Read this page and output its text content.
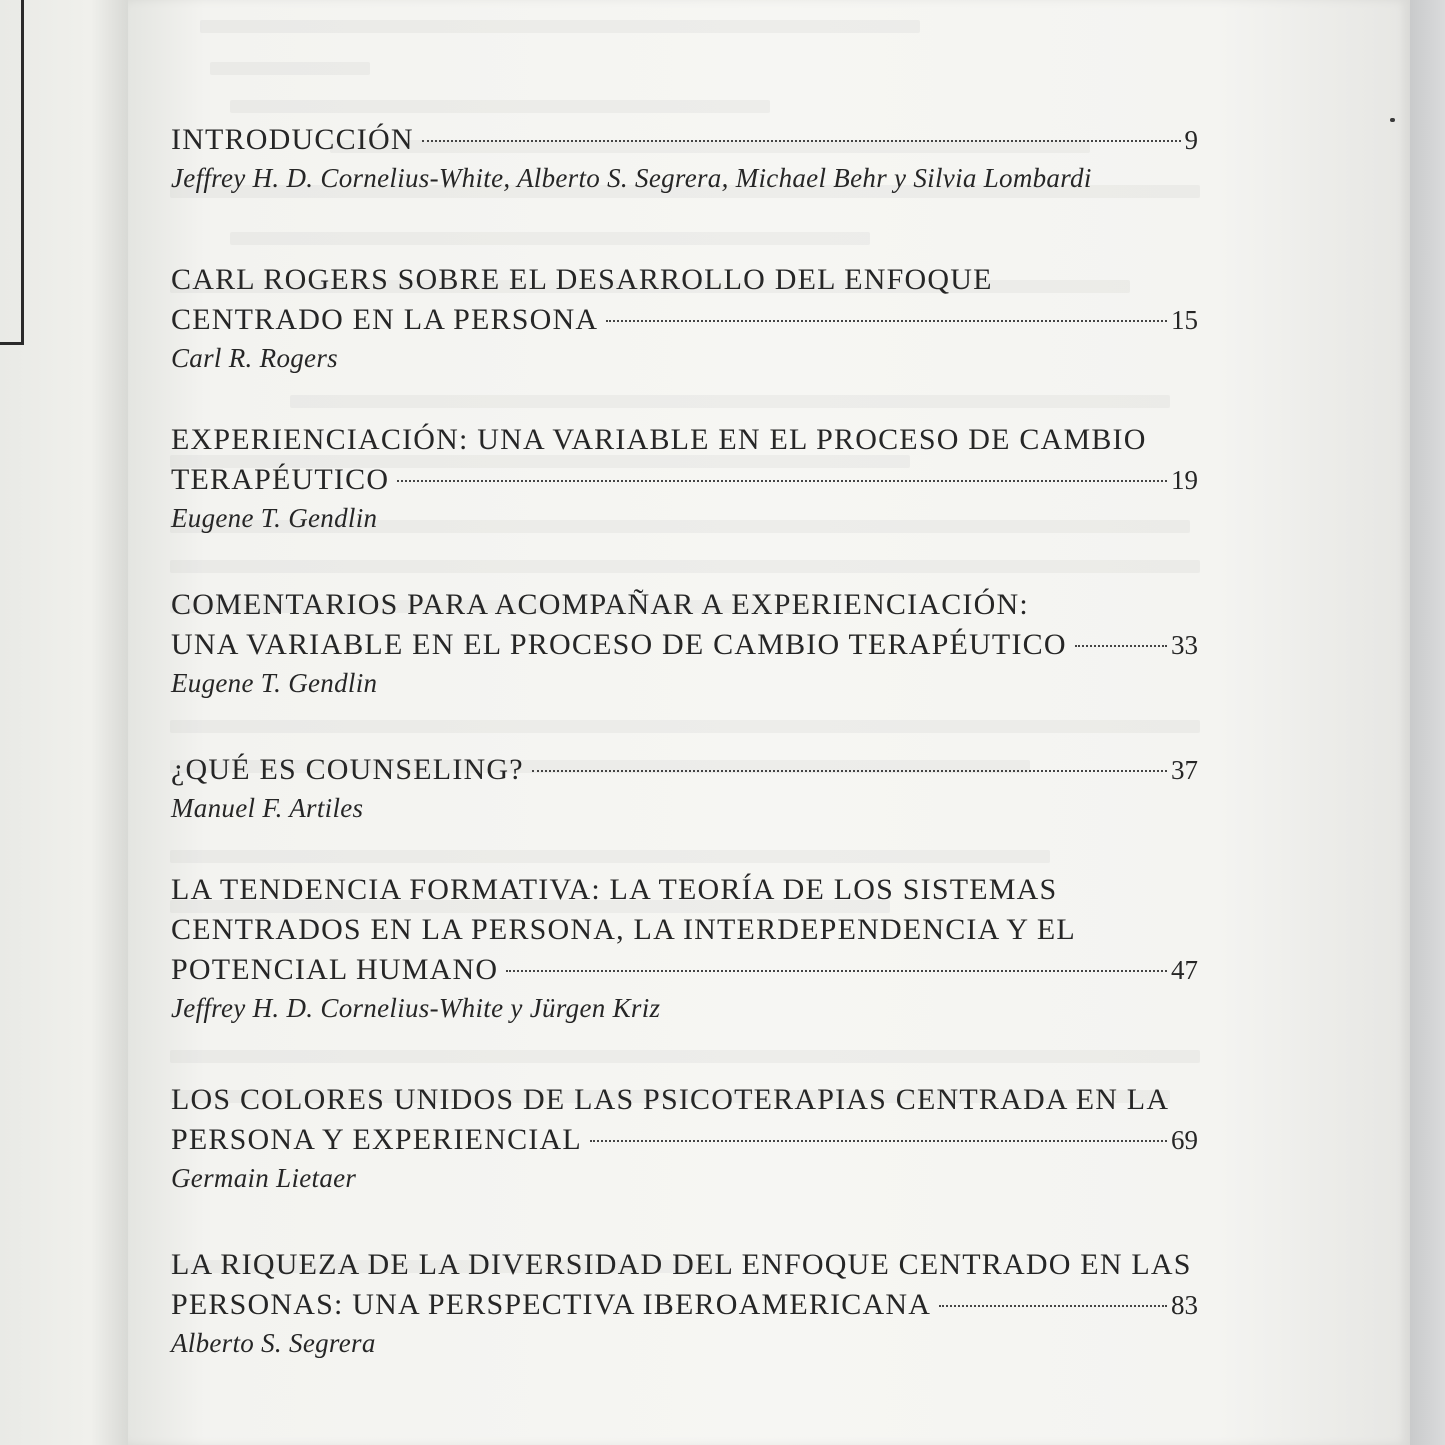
INTRODUCCIÓN	9
Jeffrey H. D. Cornelius-White, Alberto S. Segrera, Michael Behr y Silvia Lombardi
CARL ROGERS SOBRE EL DESARROLLO DEL ENFOQUE
CENTRADO EN LA PERSONA	15
Carl R. Rogers
EXPERIENCIACIÓN: UNA VARIABLE EN EL PROCESO DE CAMBIO
TERAPÉUTICO	19
Eugene T. Gendlin
COMENTARIOS PARA ACOMPAÑAR A EXPERIENCIACIÓN:
UNA VARIABLE EN EL PROCESO DE CAMBIO TERAPÉUTICO	33
Eugene T. Gendlin
¿QUÉ ES COUNSELING?	37
Manuel F. Artiles
LA TENDENCIA FORMATIVA: LA TEORÍA DE LOS SISTEMAS
CENTRADOS EN LA PERSONA, LA INTERDEPENDENCIA Y EL
POTENCIAL HUMANO	47
Jeffrey H. D. Cornelius-White y Jürgen Kriz
LOS COLORES UNIDOS DE LAS PSICOTERAPIAS CENTRADA EN LA
PERSONA Y EXPERIENCIAL	69
Germain Lietaer
LA RIQUEZA DE LA DIVERSIDAD DEL ENFOQUE CENTRADO EN LAS
PERSONAS: UNA PERSPECTIVA IBEROAMERICANA	83
Alberto S. Segrera
